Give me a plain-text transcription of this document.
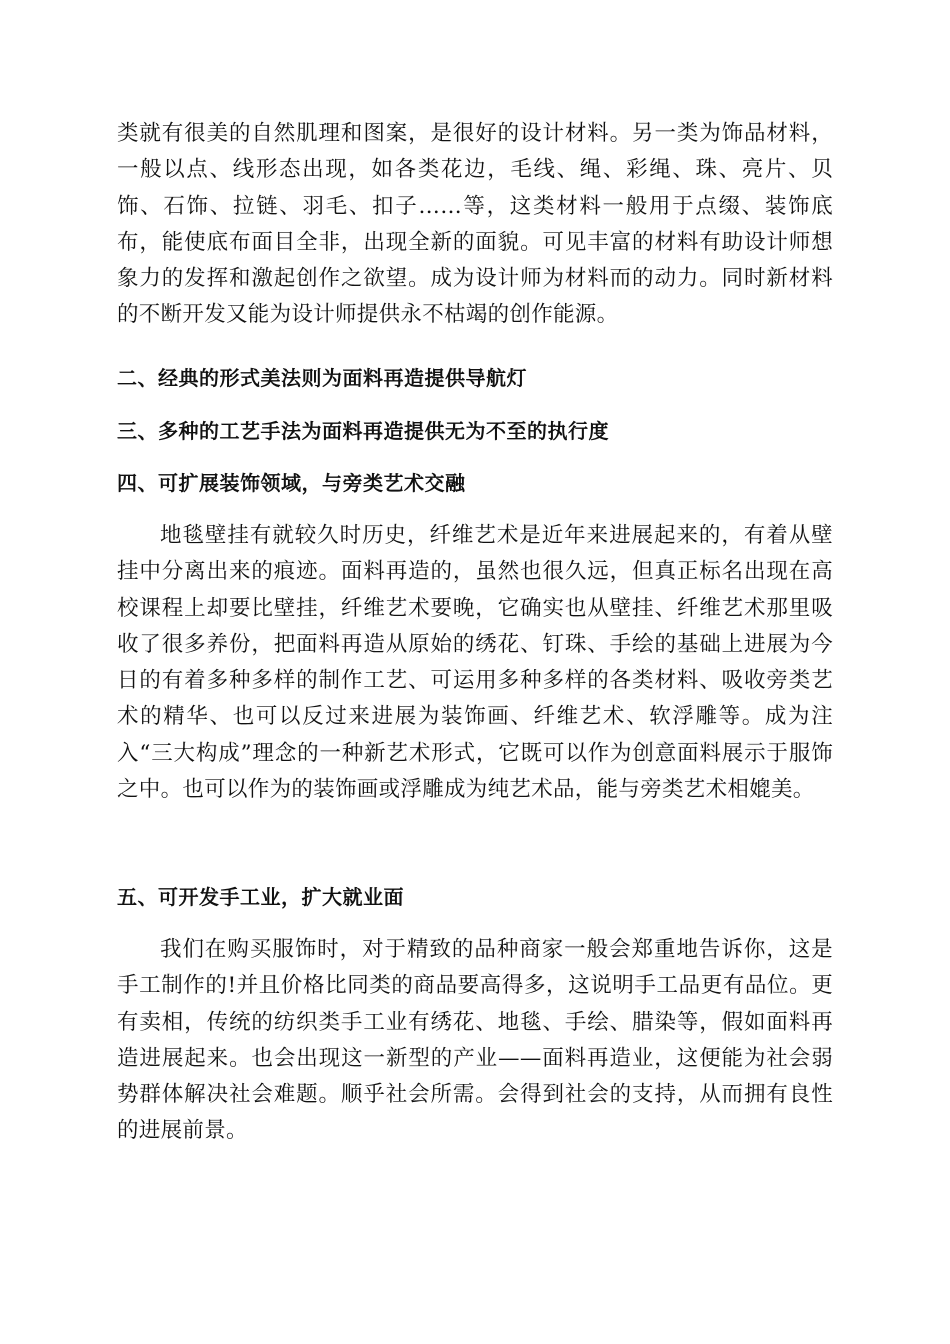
类就有很美的自然肌理和图案，是很好的设计材料。另一类为饰品材料，一般以点、线形态出现，如各类花边，毛线、绳、彩绳、珠、亮片、贝饰、石饰、拉链、羽毛、扣子……等，这类材料一般用于点缀、装饰底布，能使底布面目全非，出现全新的面貌。可见丰富的材料有助设计师想象力的发挥和激起创作之欲望。成为设计师为材料而的动力。同时新材料的不断开发又能为设计师提供永不枯竭的创作能源。

二、经典的形式美法则为面料再造提供导航灯
三、多种的工艺手法为面料再造提供无为不至的执行度
四、可扩展装饰领域，与旁类艺术交融

地毯壁挂有就较久时历史，纤维艺术是近年来进展起来的，有着从壁挂中分离出来的痕迹。面料再造的，虽然也很久远，但真正标名出现在高校课程上却要比壁挂，纤维艺术要晚，它确实也从壁挂、纤维艺术那里吸收了很多养份，把面料再造从原始的绣花、钉珠、手绘的基础上进展为今日的有着多种多样的制作工艺、可运用多种多样的各类材料、吸收旁类艺术的精华、也可以反过来进展为装饰画、纤维艺术、软浮雕等。成为注入“三大构成”理念的一种新艺术形式，它既可以作为创意面料展示于服饰之中。也可以作为的装饰画或浮雕成为纯艺术品，能与旁类艺术相媲美。

五、可开发手工业，扩大就业面

我们在购买服饰时，对于精致的品种商家一般会郑重地告诉你，这是手工制作的!并且价格比同类的商品要高得多，这说明手工品更有品位。更有卖相，传统的纺织类手工业有绣花、地毯、手绘、腊染等，假如面料再造进展起来。也会出现这一新型的产业——面料再造业，这便能为社会弱势群体解决社会难题。顺乎社会所需。会得到社会的支持，从而拥有良性的进展前景。
